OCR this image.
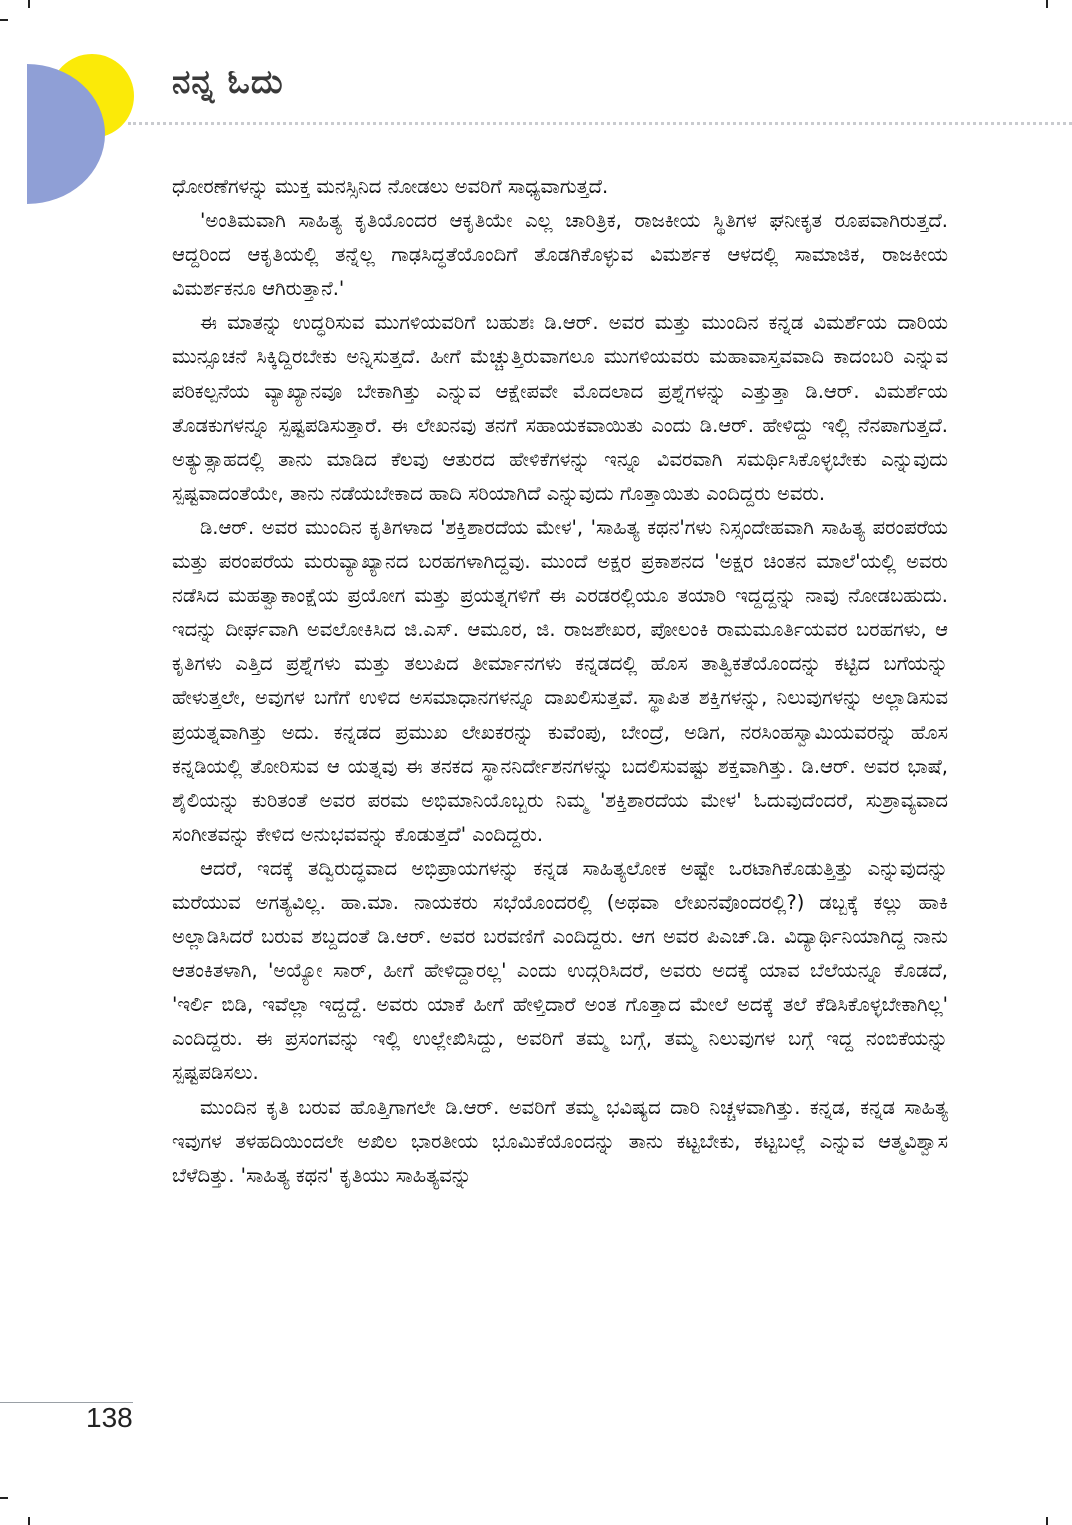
ನನ್ನ ಓದು

ಧೋರಣೆಗಳನ್ನು ಮುಕ್ತ ಮನಸ್ಸಿನಿದ ನೋಡಲು ಅವರಿಗೆ ಸಾಧ್ಯವಾಗುತ್ತದೆ.

'ಅಂತಿಮವಾಗಿ ಸಾಹಿತ್ಯ ಕೃತಿಯೊಂದರ ಆಕೃತಿಯೇ ಎಲ್ಲ ಚಾರಿತ್ರಿಕ, ರಾಜಕೀಯ ಸ್ಥಿತಿಗಳ ಘನೀಕೃತ ರೂಪವಾಗಿರುತ್ತದೆ. ಆದ್ದರಿಂದ ಆಕೃತಿಯಲ್ಲಿ ತನ್ನೆಲ್ಲ ಗಾಢಸಿದ್ಧತೆಯೊಂದಿಗೆ ತೊಡಗಿಕೊಳ್ಳುವ ವಿಮರ್ಶಕ ಆಳದಲ್ಲಿ ಸಾಮಾಜಿಕ, ರಾಜಕೀಯ ವಿಮರ್ಶಕನೂ ಆಗಿರುತ್ತಾನೆ.'

ಈ ಮಾತನ್ನು ಉದ್ಧರಿಸುವ ಮುಗಳಿಯವರಿಗೆ ಬಹುಶಃ ಡಿ.ಆರ್. ಅವರ ಮತ್ತು ಮುಂದಿನ ಕನ್ನಡ ವಿಮರ್ಶೆಯ ದಾರಿಯ ಮುನ್ಸೂಚನೆ ಸಿಕ್ಕಿದ್ದಿರಬೇಕು ಅನ್ನಿಸುತ್ತದೆ. ಹೀಗೆ ಮೆಚ್ಚುತ್ತಿರುವಾಗಲೂ ಮುಗಳಿಯವರು ಮಹಾವಾಸ್ತವವಾದಿ ಕಾದಂಬರಿ ಎನ್ನುವ ಪರಿಕಲ್ಪನೆಯ ವ್ಯಾಖ್ಯಾನವೂ ಬೇಕಾಗಿತ್ತು ಎನ್ನುವ ಆಕ್ಷೇಪವೇ ಮೊದಲಾದ ಪ್ರಶ್ನೆಗಳನ್ನು ಎತ್ತುತ್ತಾ ಡಿ.ಆರ್. ವಿಮರ್ಶೆಯ ತೊಡಕುಗಳನ್ನೂ ಸ್ಪಷ್ಟಪಡಿಸುತ್ತಾರೆ. ಈ ಲೇಖನವು ತನಗೆ ಸಹಾಯಕವಾಯಿತು ಎಂದು ಡಿ.ಆರ್. ಹೇಳಿದ್ದು ಇಲ್ಲಿ ನೆನಪಾಗುತ್ತದೆ. ಅತ್ಯುತ್ಸಾಹದಲ್ಲಿ ತಾನು ಮಾಡಿದ ಕೆಲವು ಆತುರದ ಹೇಳಿಕೆಗಳನ್ನು ಇನ್ನೂ ವಿವರವಾಗಿ ಸಮರ್ಥಿಸಿಕೊಳ್ಳಬೇಕು ಎನ್ನುವುದು ಸ್ಪಷ್ಟವಾದಂತೆಯೇ, ತಾನು ನಡೆಯಬೇಕಾದ ಹಾದಿ ಸರಿಯಾಗಿದೆ ಎನ್ನುವುದು ಗೊತ್ತಾಯಿತು ಎಂದಿದ್ದರು ಅವರು.

ಡಿ.ಆರ್. ಅವರ ಮುಂದಿನ ಕೃತಿಗಳಾದ 'ಶಕ್ತಿಶಾರದೆಯ ಮೇಳ', 'ಸಾಹಿತ್ಯ ಕಥನ'ಗಳು ನಿಸ್ಸಂದೇಹವಾಗಿ ಸಾಹಿತ್ಯ ಪರಂಪರೆಯ ಮತ್ತು ಪರಂಪರೆಯ ಮರುವ್ಯಾಖ್ಯಾನದ ಬರಹಗಳಾಗಿದ್ದವು. ಮುಂದೆ ಅಕ್ಷರ ಪ್ರಕಾಶನದ 'ಅಕ್ಷರ ಚಿಂತನ ಮಾಲೆ'ಯಲ್ಲಿ ಅವರು ನಡೆಸಿದ ಮಹತ್ವಾಕಾಂಕ್ಷೆಯ ಪ್ರಯೋಗ ಮತ್ತು ಪ್ರಯತ್ನಗಳಿಗೆ ಈ ಎರಡರಲ್ಲಿಯೂ ತಯಾರಿ ಇದ್ದದ್ದನ್ನು ನಾವು ನೋಡಬಹುದು. ಇದನ್ನು ದೀರ್ಘವಾಗಿ ಅವಲೋಕಿಸಿದ ಜಿ.ಎಸ್. ಆಮೂರ, ಜಿ. ರಾಜಶೇಖರ, ಪೋಲಂಕಿ ರಾಮಮೂರ್ತಿಯವರ ಬರಹಗಳು, ಆ ಕೃತಿಗಳು ಎತ್ತಿದ ಪ್ರಶ್ನೆಗಳು ಮತ್ತು ತಲುಪಿದ ತೀರ್ಮಾನಗಳು ಕನ್ನಡದಲ್ಲಿ ಹೊಸ ತಾತ್ವಿಕತೆಯೊಂದನ್ನು ಕಟ್ಟಿದ ಬಗೆಯನ್ನು ಹೇಳುತ್ತಲೇ, ಅವುಗಳ ಬಗೆಗೆ ಉಳಿದ ಅಸಮಾಧಾನಗಳನ್ನೂ ದಾಖಲಿಸುತ್ತವೆ. ಸ್ಥಾಪಿತ ಶಕ್ತಿಗಳನ್ನು, ನಿಲುವುಗಳನ್ನು ಅಲ್ಲಾಡಿಸುವ ಪ್ರಯತ್ನವಾಗಿತ್ತು ಅದು. ಕನ್ನಡದ ಪ್ರಮುಖ ಲೇಖಕರನ್ನು ಕುವೆಂಪು, ಬೇಂದ್ರೆ, ಅಡಿಗ, ನರಸಿಂಹಸ್ವಾಮಿಯವರನ್ನು ಹೊಸ ಕನ್ನಡಿಯಲ್ಲಿ ತೋರಿಸುವ ಆ ಯತ್ನವು ಈ ತನಕದ ಸ್ಥಾನನಿರ್ದೇಶನಗಳನ್ನು ಬದಲಿಸುವಷ್ಟು ಶಕ್ತವಾಗಿತ್ತು. ಡಿ.ಆರ್. ಅವರ ಭಾಷೆ, ಶೈಲಿಯನ್ನು ಕುರಿತಂತೆ ಅವರ ಪರಮ ಅಭಿಮಾನಿಯೊಬ್ಬರು ನಿಮ್ಮ 'ಶಕ್ತಿಶಾರದೆಯ ಮೇಳ' ಓದುವುದೆಂದರೆ, ಸುಶ್ರಾವ್ಯವಾದ ಸಂಗೀತವನ್ನು ಕೇಳಿದ ಅನುಭವವನ್ನು ಕೊಡುತ್ತದೆ' ಎಂದಿದ್ದರು.

ಆದರೆ, ಇದಕ್ಕೆ ತದ್ವಿರುದ್ಧವಾದ ಅಭಿಪ್ರಾಯಗಳನ್ನು ಕನ್ನಡ ಸಾಹಿತ್ಯಲೋಕ ಅಷ್ಟೇ ಒರಟಾಗಿಕೊಡುತ್ತಿತ್ತು ಎನ್ನುವುದನ್ನು ಮರೆಯುವ ಅಗತ್ಯವಿಲ್ಲ. ಹಾ.ಮಾ. ನಾಯಕರು ಸಭೆಯೊಂದರಲ್ಲಿ (ಅಥವಾ ಲೇಖನವೊಂದರಲ್ಲಿ?) ಡಬ್ಬಕ್ಕೆ ಕಲ್ಲು ಹಾಕಿ ಅಲ್ಲಾಡಿಸಿದರೆ ಬರುವ ಶಬ್ದದಂತೆ ಡಿ.ಆರ್. ಅವರ ಬರವಣಿಗೆ ಎಂದಿದ್ದರು. ಆಗ ಅವರ ಪಿಎಚ್.ಡಿ. ವಿದ್ಯಾರ್ಥಿನಿಯಾಗಿದ್ದ ನಾನು ಆತಂಕಿತಳಾಗಿ, 'ಅಯ್ಯೋ ಸಾರ್, ಹೀಗೆ ಹೇಳಿದ್ದಾರಲ್ಲ' ಎಂದು ಉದ್ಗರಿಸಿದರೆ, ಅವರು ಅದಕ್ಕೆ ಯಾವ ಬೆಲೆಯನ್ನೂ ಕೊಡದೆ, 'ಇರ್ಲಿ ಬಿಡಿ, ಇವೆಲ್ಲಾ ಇದ್ದದ್ದೆ. ಅವರು ಯಾಕೆ ಹೀಗೆ ಹೇಳ್ತಿದಾರೆ ಅಂತ ಗೊತ್ತಾದ ಮೇಲೆ ಅದಕ್ಕೆ ತಲೆ ಕೆಡಿಸಿಕೊಳ್ಳಬೇಕಾಗಿಲ್ಲ' ಎಂದಿದ್ದರು. ಈ ಪ್ರಸಂಗವನ್ನು ಇಲ್ಲಿ ಉಲ್ಲೇಖಿಸಿದ್ದು, ಅವರಿಗೆ ತಮ್ಮ ಬಗ್ಗೆ, ತಮ್ಮ ನಿಲುವುಗಳ ಬಗ್ಗೆ ಇದ್ದ ನಂಬಿಕೆಯನ್ನು ಸ್ಪಷ್ಟಪಡಿಸಲು.

ಮುಂದಿನ ಕೃತಿ ಬರುವ ಹೊತ್ತಿಗಾಗಲೇ ಡಿ.ಆರ್. ಅವರಿಗೆ ತಮ್ಮ ಭವಿಷ್ಯದ ದಾರಿ ನಿಚ್ಚಳವಾಗಿತ್ತು. ಕನ್ನಡ, ಕನ್ನಡ ಸಾಹಿತ್ಯ ಇವುಗಳ ತಳಹದಿಯಿಂದಲೇ ಅಖಿಲ ಭಾರತೀಯ ಭೂಮಿಕೆಯೊಂದನ್ನು ತಾನು ಕಟ್ಟಬೇಕು, ಕಟ್ಟಬಲ್ಲೆ ಎನ್ನುವ ಆತ್ಮವಿಶ್ವಾಸ ಬೆಳೆದಿತ್ತು. 'ಸಾಹಿತ್ಯ ಕಥನ' ಕೃತಿಯು ಸಾಹಿತ್ಯವನ್ನು

138
